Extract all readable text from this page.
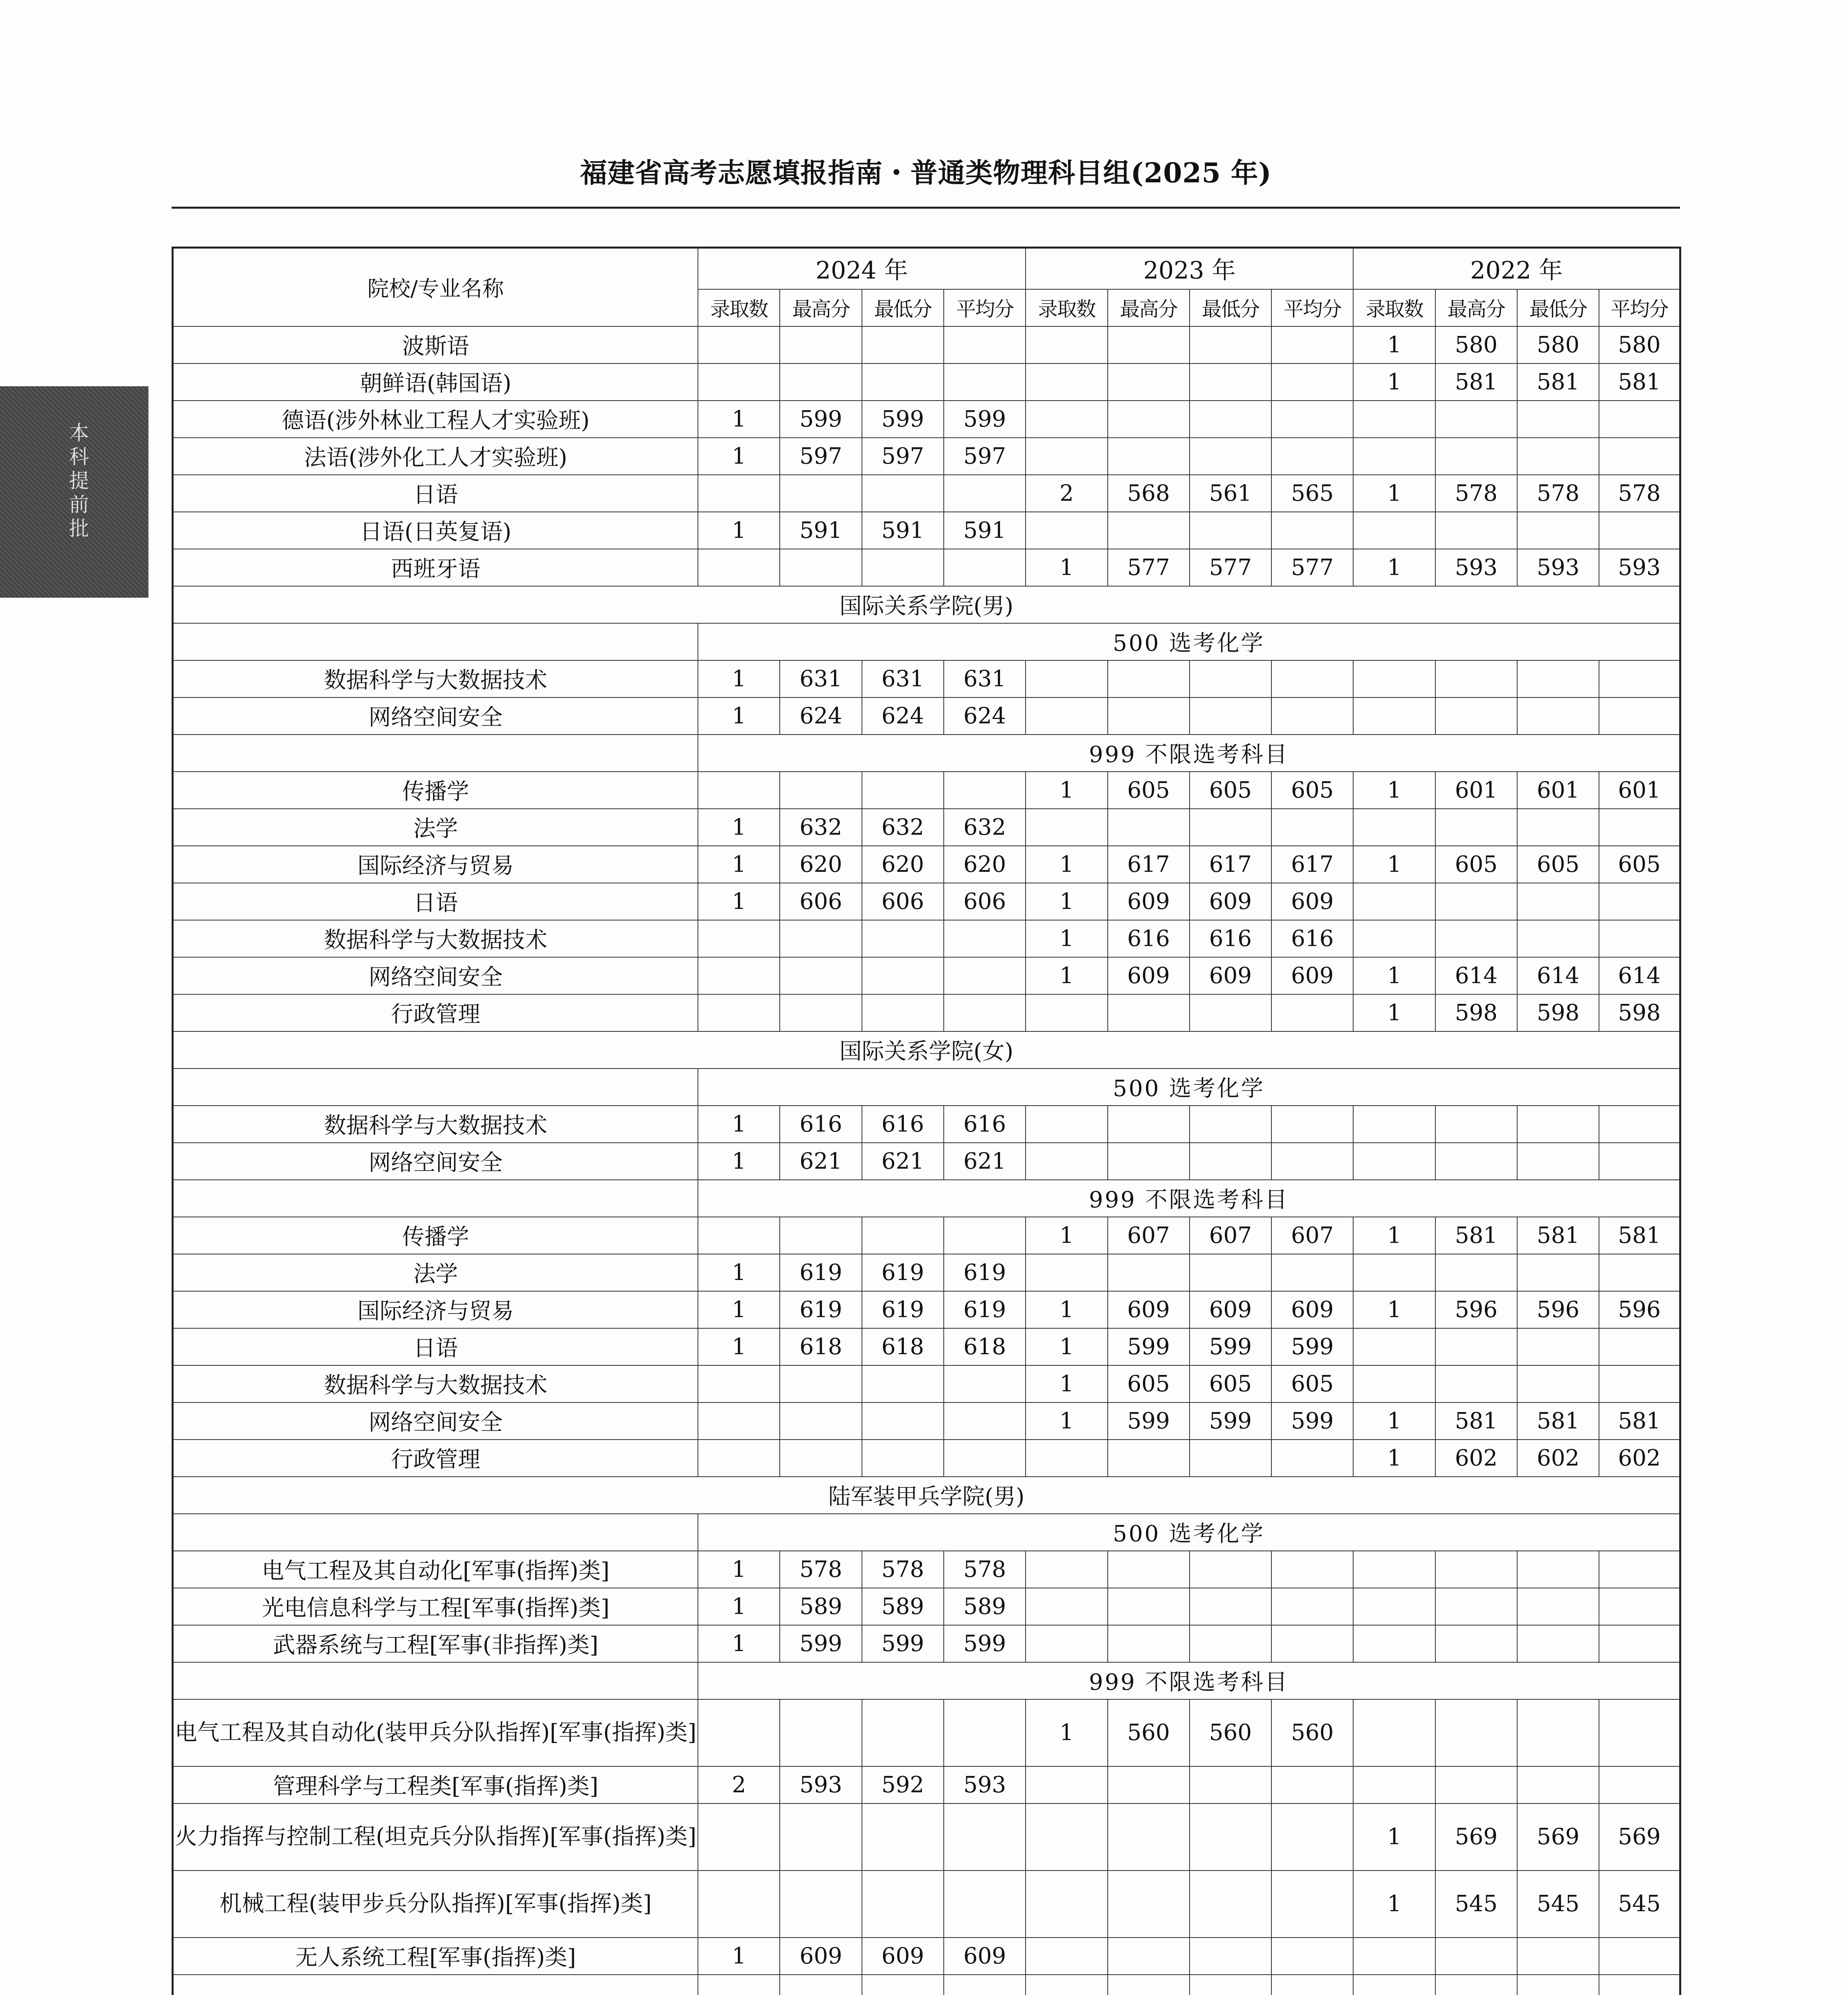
福建省高考志愿填报指南・普通类物理科目组(2025 年)
本科提前批
院校/专业名称	2024 年				2023 年				2022 年			
	录取数	最高分	最低分	平均分	录取数	最高分	最低分	平均分	录取数	最高分	最低分	平均分
波斯语									1	580	580	580
朝鲜语(韩国语)									1	581	581	581
德语(涉外林业工程人才实验班)	1	599	599	599								
法语(涉外化工人才实验班)	1	597	597	597								
日语					2	568	561	565	1	578	578	578
日语(日英复语)	1	591	591	591								
西班牙语					1	577	577	577	1	593	593	593
国际关系学院(男)												
	500 选考化学											
数据科学与大数据技术	1	631	631	631								
网络空间安全	1	624	624	624								
	999 不限选考科目											
传播学					1	605	605	605	1	601	601	601
法学	1	632	632	632								
国际经济与贸易	1	620	620	620	1	617	617	617	1	605	605	605
日语	1	606	606	606	1	609	609	609				
数据科学与大数据技术					1	616	616	616				
网络空间安全					1	609	609	609	1	614	614	614
行政管理									1	598	598	598
国际关系学院(女)												
	500 选考化学											
数据科学与大数据技术	1	616	616	616								
网络空间安全	1	621	621	621								
	999 不限选考科目											
传播学					1	607	607	607	1	581	581	581
法学	1	619	619	619								
国际经济与贸易	1	619	619	619	1	609	609	609	1	596	596	596
日语	1	618	618	618	1	599	599	599				
数据科学与大数据技术					1	605	605	605				
网络空间安全					1	599	599	599	1	581	581	581
行政管理									1	602	602	602
陆军装甲兵学院(男)												
	500 选考化学											
电气工程及其自动化[军事(指挥)类]	1	578	578	578								
光电信息科学与工程[军事(指挥)类]	1	589	589	589								
武器系统与工程[军事(非指挥)类]	1	599	599	599								
	999 不限选考科目											
电气工程及其自动化(装甲兵分队指挥)[军事(指挥)类]					1	560	560	560				
管理科学与工程类[军事(指挥)类]	2	593	592	593								
火力指挥与控制工程(坦克兵分队指挥)[军事(指挥)类]									1	569	569	569
机械工程(装甲步兵分队指挥)[军事(指挥)类]									1	545	545	545
无人系统工程[军事(指挥)类]	1	609	609	609								
